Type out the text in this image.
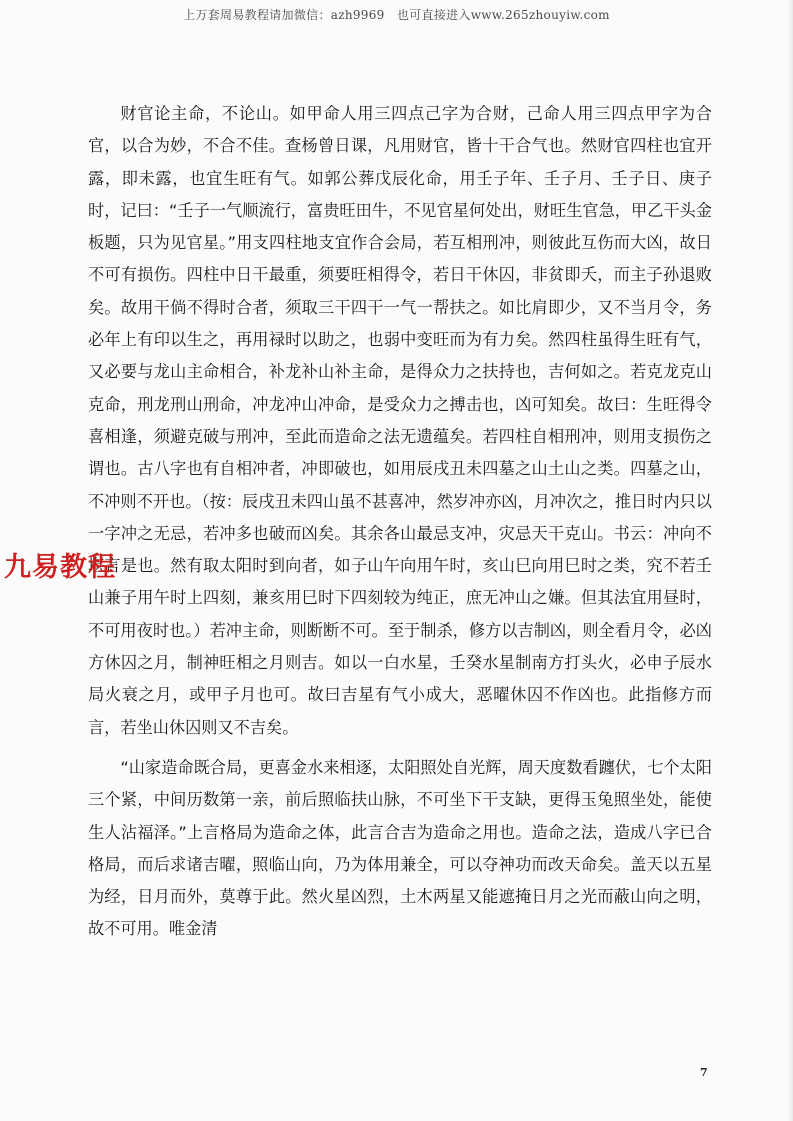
上万套周易教程请加微信：azh9969　也可直接进入www.265zhouyiw.com

财官论主命，不论山。如甲命人用三四点己字为合财，己命人用三四点甲字为合官，以合为妙，不合不佳。查杨曾日课，凡用财官，皆十干合气也。然财官四柱也宜开露，即未露，也宜生旺有气。如郭公葬戊辰化命，用壬子年、壬子月、壬子日、庚子时，记曰：“壬子一气顺流行，富贵旺田牛，不见官星何处出，财旺生官急，甲乙干头金板题，只为见官星。”用支四柱地支宜作合会局，若互相刑冲，则彼此互伤而大凶，故日不可有损伤。四柱中日干最重，须要旺相得令，若日干休囚，非贫即夭，而主子孙退败矣。故用干倘不得时合者，须取三干四干一气一帮扶之。如比肩即少，又不当月令，务必年上有印以生之，再用禄时以助之，也弱中变旺而为有力矣。然四柱虽得生旺有气，又必要与龙山主命相合，补龙补山补主命，是得众力之扶持也，吉何如之。若克龙克山克命，刑龙刑山刑命，冲龙冲山冲命，是受众力之搏击也，凶可知矣。故曰：生旺得令喜相逢，须避克破与刑冲，至此而造命之法无遗蕴矣。若四柱自相刑冲，则用支损伤之谓也。古八字也有自相冲者，冲即破也，如用辰戌丑未四墓之山土山之类。四墓之山，不冲则不开也。（按：辰戌丑未四山虽不甚喜冲，然岁冲亦凶，月冲次之，推日时内只以一字冲之无忌，若冲多也破而凶矣。其余各山最忌支冲，灾忌天干克山。书云：冲向不堪言是也。然有取太阳时到向者，如子山午向用午时，亥山巳向用巳时之类，究不若壬山兼子用午时上四刻，兼亥用巳时下四刻较为纯正，庶无冲山之嫌。但其法宜用昼时，不可用夜时也。）若冲主命，则断断不可。至于制杀，修方以吉制凶，则全看月令，必凶方休囚之月，制神旺相之月则吉。如以一白水星，壬癸水星制南方打头火，必申子辰水局火衰之月，或甲子月也可。故曰吉星有气小成大，恶曜休囚不作凶也。此指修方而言，若坐山休囚则又不吉矣。

“山家造命既合局，更喜金水来相逐，太阳照处自光辉，周天度数看躔伏，七个太阳三个紧，中间历数第一亲，前后照临扶山脉，不可坐下干支缺，更得玉兔照坐处，能使生人沾福泽。”上言格局为造命之体，此言合吉为造命之用也。造命之法，造成八字已合格局，而后求诸吉曜，照临山向，乃为体用兼全，可以夺神功而改天命矣。盖天以五星为经，日月而外，莫尊于此。然火星凶烈，土木两星又能遮掩日月之光而蔽山向之明，故不可用。唯金清

九易教程
7
